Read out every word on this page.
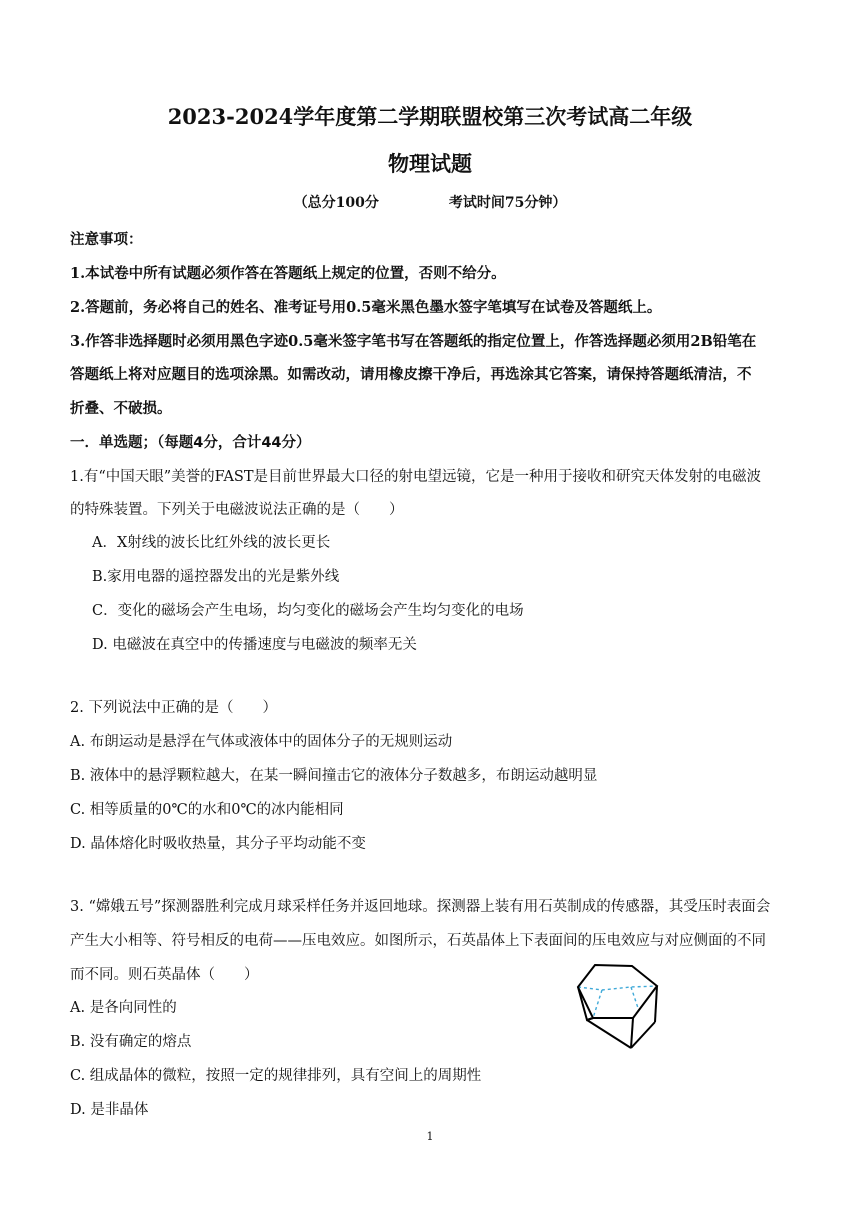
2023-2024学年度第二学期联盟校第三次考试高二年级
物理试题
（总分100分	考试时间75分钟）
注意事项：
1.本试卷中所有试题必须作答在答题纸上规定的位置，否则不给分。
2.答题前，务必将自己的姓名、准考证号用0.5毫米黑色墨水签字笔填写在试卷及答题纸上。
3.作答非选择题时必须用黑色字迹0.5毫米签字笔书写在答题纸的指定位置上，作答选择题必须用2B铅笔在
答题纸上将对应题目的选项涂黑。如需改动，请用橡皮擦干净后，再选涂其它答案，请保持答题纸清洁，不
折叠、不破损。
一．单选题；（每题4分，合计44分）
1.有“中国天眼”美誉的FAST是目前世界最大口径的射电望远镜，它是一种用于接收和研究天体发射的电磁波
的特殊装置。下列关于电磁波说法正确的是（　　）
A．X射线的波长比红外线的波长更长
B.家用电器的遥控器发出的光是紫外线
C．变化的磁场会产生电场，均匀变化的磁场会产生均匀变化的电场
D. 电磁波在真空中的传播速度与电磁波的频率无关
2. 下列说法中正确的是（　　）
A. 布朗运动是悬浮在气体或液体中的固体分子的无规则运动
B. 液体中的悬浮颗粒越大，在某一瞬间撞击它的液体分子数越多，布朗运动越明显
C. 相等质量的0℃的水和0℃的冰内能相同
D. 晶体熔化时吸收热量，其分子平均动能不变
3. “嫦娥五号”探测器胜利完成月球采样任务并返回地球。探测器上装有用石英制成的传感器，其受压时表面会
产生大小相等、符号相反的电荷——压电效应。如图所示，石英晶体上下表面间的压电效应与对应侧面的不同
而不同。则石英晶体（　　）
A. 是各向同性的
B. 没有确定的熔点
C. 组成晶体的微粒，按照一定的规律排列，具有空间上的周期性
D. 是非晶体
1
